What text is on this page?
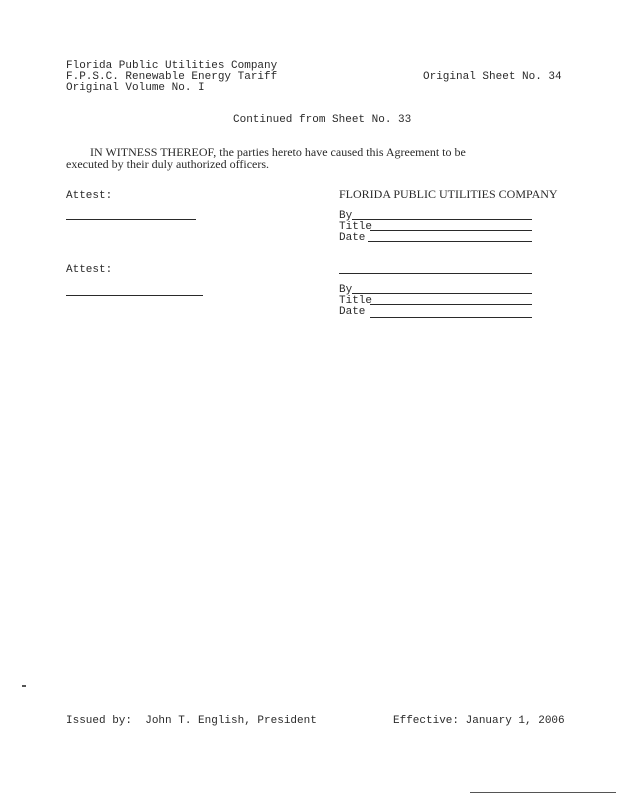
Florida Public Utilities Company
F.P.S.C. Renewable Energy Tariff
Original Volume No. I
Original Sheet No. 34
Continued from Sheet No. 33
IN WITNESS THEREOF, the parties hereto have caused this Agreement to be
executed by their duly authorized officers.
Attest:	FLORIDA PUBLIC UTILITIES COMPANY
By
Title
Date
Attest:
By
Title
Date
Issued by:  John T. English, President	Effective: January 1, 2006
